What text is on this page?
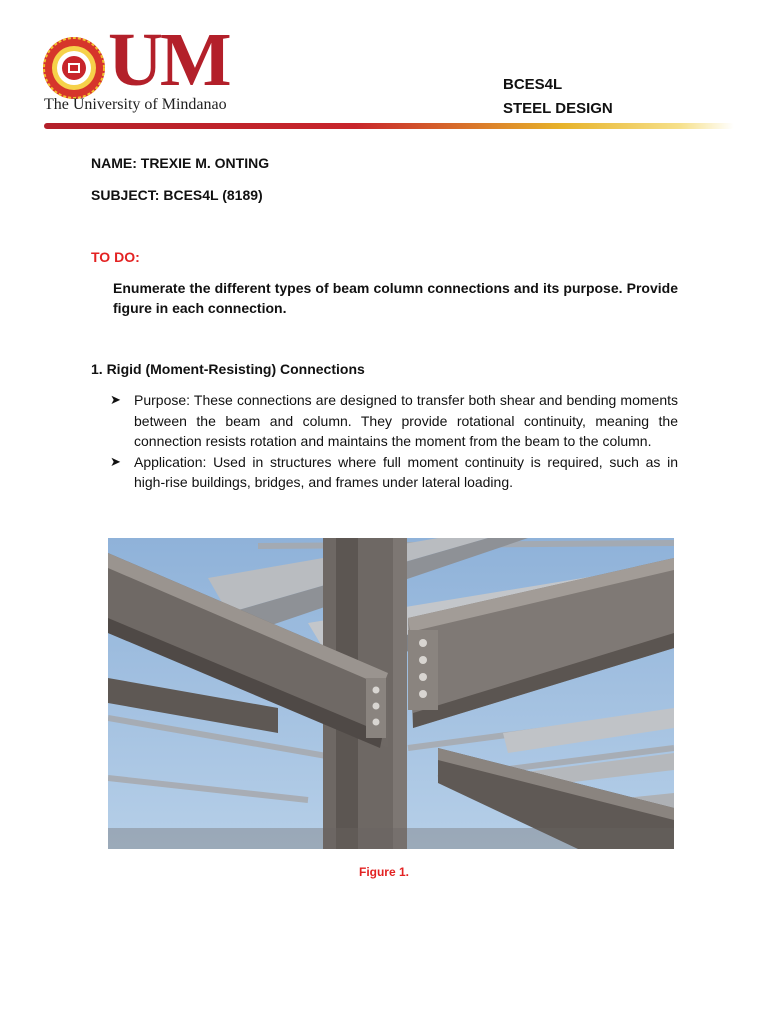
UM
The University of Mindanao
BCES4L
STEEL DESIGN
NAME: TREXIE M. ONTING
SUBJECT: BCES4L (8189)
TO DO:
Enumerate the different types of beam column connections and its purpose. Provide figure in each connection.
1. Rigid (Moment-Resisting) Connections
➤ Purpose: These connections are designed to transfer both shear and bending moments between the beam and column. They provide rotational continuity, meaning the connection resists rotation and maintains the moment from the beam to the column.
➤ Application: Used in structures where full moment continuity is required, such as in high-rise buildings, bridges, and frames under lateral loading.
Figure 1.
